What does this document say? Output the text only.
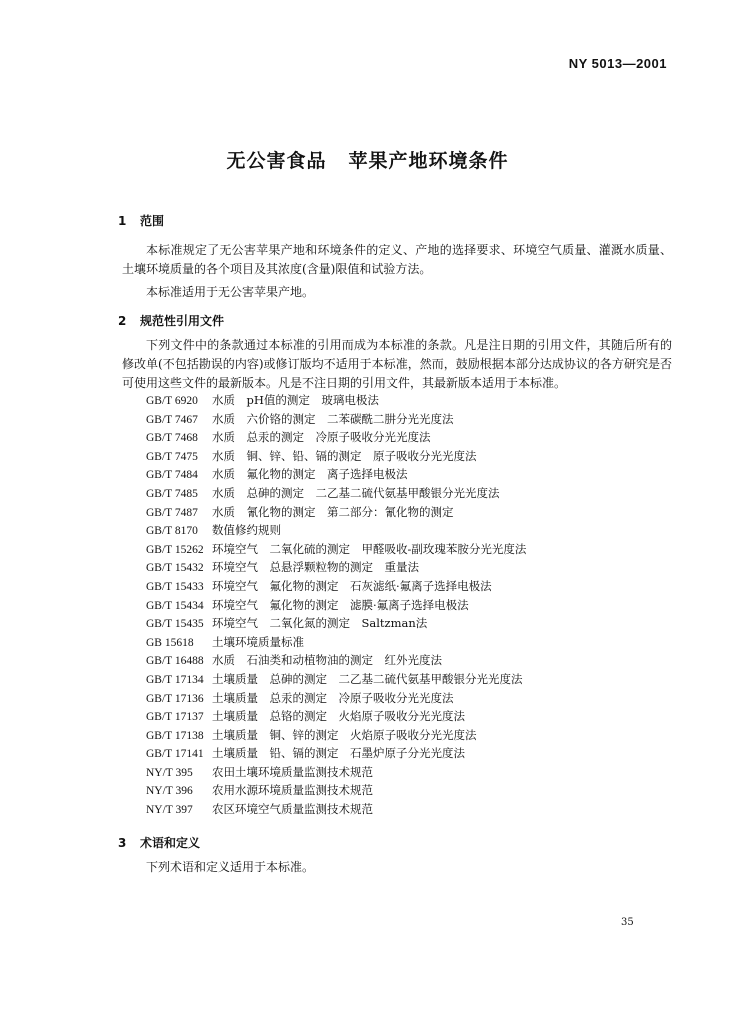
NY 5013—2001
无公害食品 苹果产地环境条件
1 范围

本标准规定了无公害苹果产地和环境条件的定义、产地的选择要求、环境空气质量、灌溉水质量、土壤环境质量的各个项目及其浓度(含量)限值和试验方法。

本标准适用于无公害苹果产地。

2 规范性引用文件

下列文件中的条款通过本标准的引用而成为本标准的条款。凡是注日期的引用文件，其随后所有的修改单(不包括勘误的内容)或修订版均不适用于本标准，然而，鼓励根据本部分达成协议的各方研究是否可使用这些文件的最新版本。凡是不注日期的引用文件，其最新版本适用于本标准。

GB/T 6920 水质　pH值的测定　玻璃电极法
GB/T 7467 水质　六价铬的测定　二苯碳酰二肼分光光度法
GB/T 7468 水质　总汞的测定　冷原子吸收分光光度法
GB/T 7475 水质　铜、锌、铅、镉的测定　原子吸收分光光度法
GB/T 7484 水质　氟化物的测定　离子选择电极法
GB/T 7485 水质　总砷的测定　二乙基二硫代氨基甲酸银分光光度法
GB/T 7487 水质　氰化物的测定　第二部分：氰化物的测定
GB/T 8170 数值修约规则
GB/T 15262 环境空气　二氧化硫的测定　甲醛吸收-副玫瑰苯胺分光光度法
GB/T 15432 环境空气　总悬浮颗粒物的测定　重量法
GB/T 15433 环境空气　氟化物的测定　石灰滤纸·氟离子选择电极法
GB/T 15434 环境空气　氟化物的测定　滤膜·氟离子选择电极法
GB/T 15435 环境空气　二氧化氮的测定　Saltzman法
GB 15618 土壤环境质量标准
GB/T 16488 水质　石油类和动植物油的测定　红外光度法
GB/T 17134 土壤质量　总砷的测定　二乙基二硫代氨基甲酸银分光光度法
GB/T 17136 土壤质量　总汞的测定　冷原子吸收分光光度法
GB/T 17137 土壤质量　总铬的测定　火焰原子吸收分光光度法
GB/T 17138 土壤质量　铜、锌的测定　火焰原子吸收分光光度法
GB/T 17141 土壤质量　铅、镉的测定　石墨炉原子分光光度法
NY/T 395 农田土壤环境质量监测技术规范
NY/T 396 农用水源环境质量监测技术规范
NY/T 397 农区环境空气质量监测技术规范
3 术语和定义

下列术语和定义适用于本标准。

35
